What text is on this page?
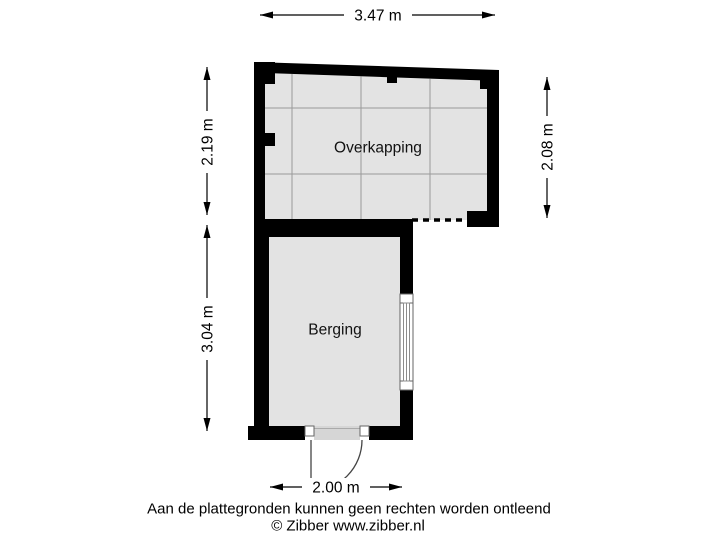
Overkapping
Berging
3.47 m
2.19 m
3.04 m
2.08 m
2.00 m
Aan de plattegronden kunnen geen rechten worden ontleend
© Zibber www.zibber.nl
